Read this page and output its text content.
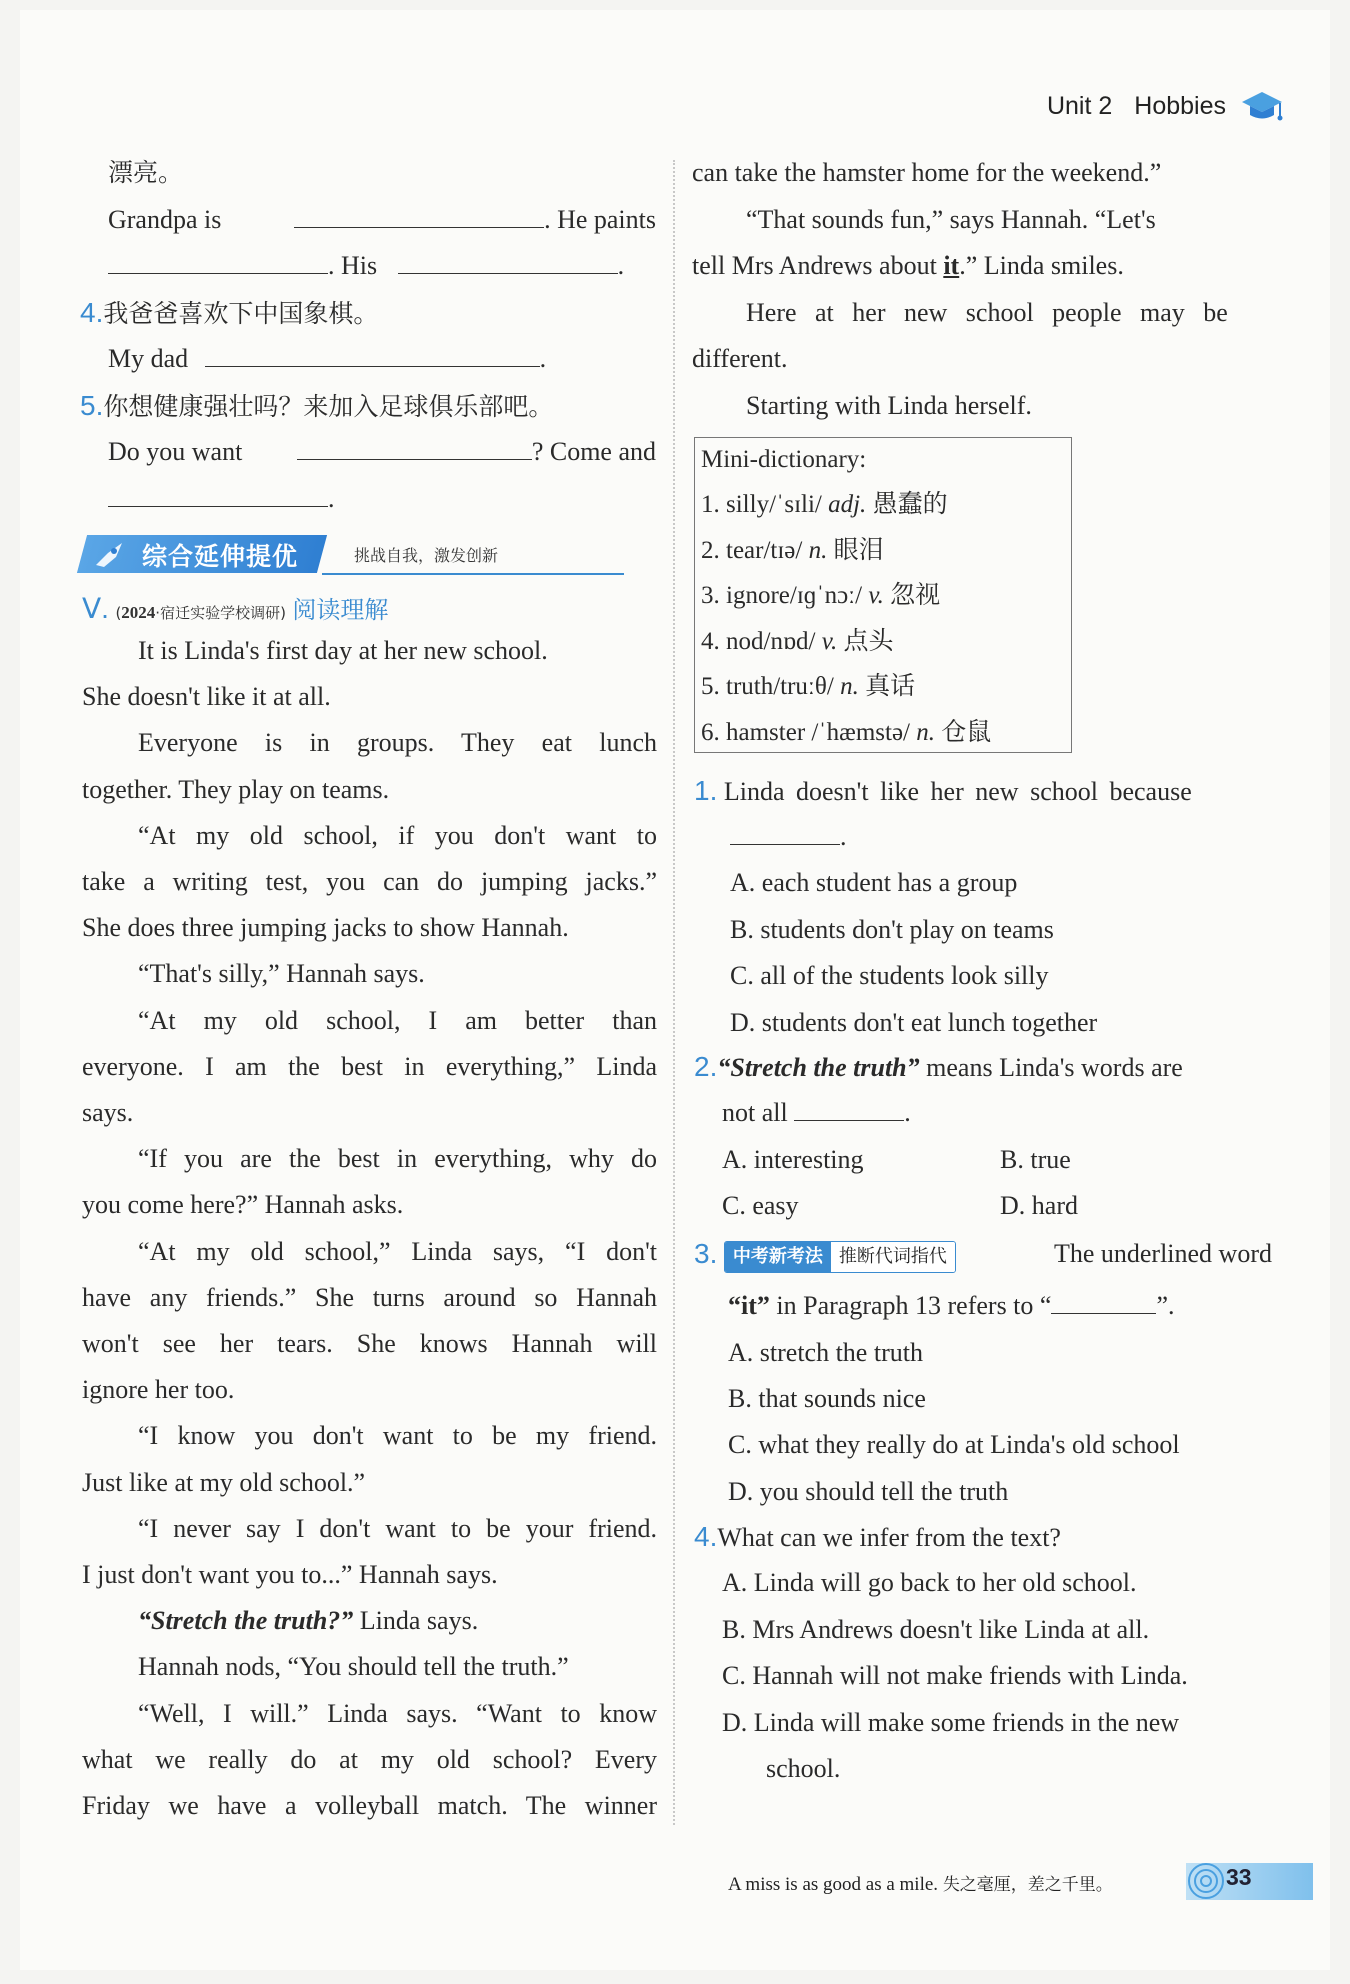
Unit 2 Hobbies
漂亮。
Grandpa is	. He paints
. His	.
4.我爸爸喜欢下中国象棋。
My dad	.
5.你想健康强壮吗？来加入足球俱乐部吧。
Do you want	? Come and
.
综合延伸提优	挑战自我，激发创新
Ⅴ. (2024·宿迁实验学校调研) 阅读理解
It is Linda's first day at her new school.
She doesn't like it at all.
Everyone is in groups. They eat lunch
together. They play on teams.
“At my old school, if you don't want to
take a writing test, you can do jumping jacks.”
She does three jumping jacks to show Hannah.
“That's silly,” Hannah says.
“At my old school, I am better than
everyone. I am the best in everything,” Linda
says.
“If you are the best in everything, why do
you come here?” Hannah asks.
“At my old school,” Linda says, “I don't
have any friends.” She turns around so Hannah
won't see her tears. She knows Hannah will
ignore her too.
“I know you don't want to be my friend.
Just like at my old school.”
“I never say I don't want to be your friend.
I just don't want you to...” Hannah says.
“Stretch the truth?” Linda says.
Hannah nods, “You should tell the truth.”
“Well, I will.” Linda says. “Want to know
what we really do at my old school? Every
Friday we have a volleyball match. The winner
can take the hamster home for the weekend.”
“That sounds fun,” says Hannah. “Let's
tell Mrs Andrews about it.” Linda smiles.
Here at her new school people may be
different.
Starting with Linda herself.
Mini-dictionary:
1. silly/ˈsɪli/ adj. 愚蠢的
2. tear/tɪə/ n. 眼泪
3. ignore/ɪɡˈnɔː/ v. 忽视
4. nod/nɒd/ v. 点头
5. truth/truːθ/ n. 真话
6. hamster /ˈhæmstə/ n. 仓鼠
1. Linda doesn't like her new school because
.
A. each student has a group
B. students don't play on teams
C. all of the students look silly
D. students don't eat lunch together
2.“Stretch the truth” means Linda's words are
not all	.
A. interesting	B. true
C. easy	D. hard
3. 中考新考法 推断代词指代	The underlined word
“it” in Paragraph 13 refers to “	”.
A. stretch the truth
B. that sounds nice
C. what they really do at Linda's old school
D. you should tell the truth
4.What can we infer from the text?
A. Linda will go back to her old school.
B. Mrs Andrews doesn't like Linda at all.
C. Hannah will not make friends with Linda.
D. Linda will make some friends in the new
school.
A miss is as good as a mile. 失之毫厘，差之千里。	33
